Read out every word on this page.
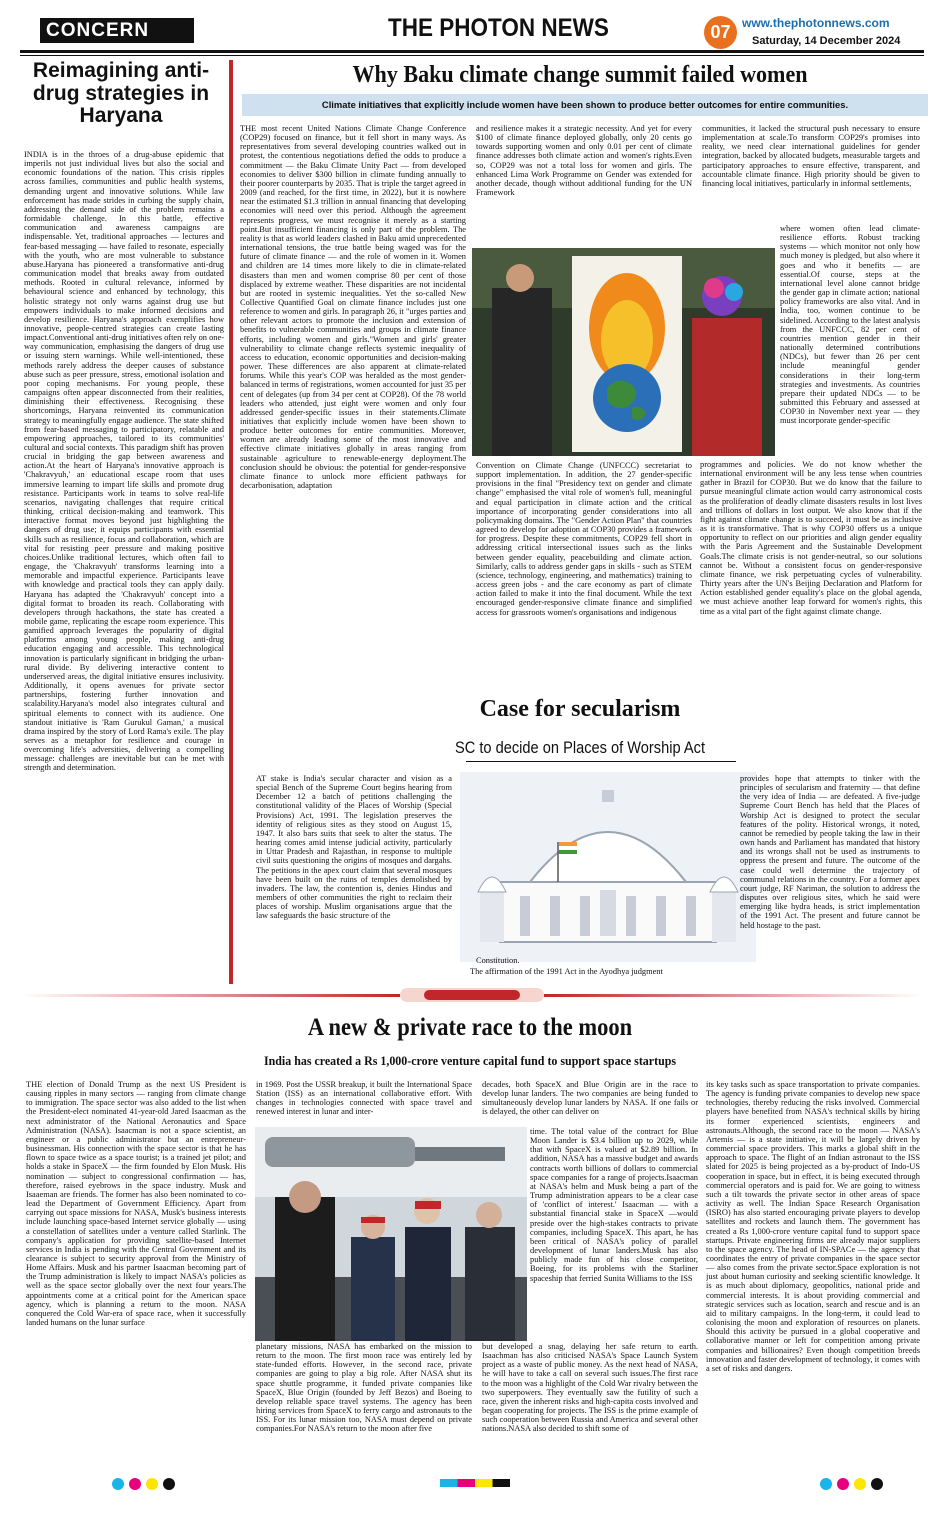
CONCERN	THE PHOTON NEWS	07 www.thephotonnews.com
Saturday, 14 December 2024
Reimagining anti-drug strategies in Haryana
INDIA is in the throes of a drug-abuse epidemic that imperils not just individual lives but also the social and economic foundations of the nation. This crisis ripples across families, communities and public health systems, demanding urgent and innovative solutions. While law enforcement has made strides in curbing the supply chain, addressing the demand side of the problem remains a formidable challenge. In this battle, effective communication and awareness campaigns are indispensable. Yet, traditional approaches — lectures and fear-based messaging — have failed to resonate, especially with the youth, who are most vulnerable to substance abuse.Haryana has pioneered a transformative anti-drug communication model that breaks away from outdated methods. Rooted in cultural relevance, informed by behavioural science and enhanced by technology, this holistic strategy not only warns against drug use but empowers individuals to make informed decisions and develop resilience. Haryana's approach exemplifies how innovative, people-centred strategies can create lasting impact.Conventional anti-drug initiatives often rely on one-way communication, emphasising the dangers of drug use or issuing stern warnings. While well-intentioned, these methods rarely address the deeper causes of substance abuse such as peer pressure, stress, emotional isolation and poor coping mechanisms. For young people, these campaigns often appear disconnected from their realities, diminishing their effectiveness. Recognising these shortcomings, Haryana reinvented its communication strategy to meaningfully engage audience. The state shifted from fear-based messaging to participatory, relatable and empowering approaches, tailored to its communities' cultural and social contexts. This paradigm shift has proven crucial in bridging the gap between awareness and action.At the heart of Haryana's innovative approach is 'Chakravyuh,' an educational escape room that uses immersive learning to impart life skills and promote drug resistance. Participants work in teams to solve real-life scenarios, navigating challenges that require critical thinking, critical decision-making and teamwork. This interactive format moves beyond just highlighting the dangers of drug use; it equips participants with essential skills such as resilience, focus and collaboration, which are vital for resisting peer pressure and making positive choices.Unlike traditional lectures, which often fail to engage, the 'Chakravyuh' transforms learning into a memorable and impactful experience. Participants leave with knowledge and practical tools they can apply daily. Haryana has adapted the 'Chakravyuh' concept into a digital format to broaden its reach. Collaborating with developers through hackathons, the state has created a mobile game, replicating the escape room experience. This gamified approach leverages the popularity of digital platforms among young people, making anti-drug education engaging and accessible. This technological innovation is particularly significant in bridging the urban-rural divide. By delivering interactive content to underserved areas, the digital initiative ensures inclusivity. Additionally, it opens avenues for private sector partnerships, fostering further innovation and scalability.Haryana's model also integrates cultural and spiritual elements to connect with its audience. One standout initiative is 'Ram Gurukul Gaman,' a musical drama inspired by the story of Lord Rama's exile. The play serves as a metaphor for resilience and courage in overcoming life's adversities, delivering a compelling message: challenges are inevitable but can be met with strength and determination.
Why Baku climate change summit failed women
Climate initiatives that explicitly include women have been shown to produce better outcomes for entire communities.
THE most recent United Nations Climate Change Conference (COP29) focused on finance, but it fell short in many ways. As representatives from several developing countries walked out in protest, the contentious negotiations defied the odds to produce a commitment — the Baku Climate Unity Pact — from developed economies to deliver $300 billion in climate funding annually to their poorer counterparts by 2035. That is triple the target agreed in 2009 (and reached, for the first time, in 2022), but it is nowhere near the estimated $1.3 trillion in annual financing that developing economies will need over this period. Although the agreement represents progress, we must recognise it merely as a starting point.But insufficient financing is only part of the problem. The reality is that as world leaders clashed in Baku amid unprecedented international tensions, the true battle being waged was for the future of climate finance — and the role of women in it. Women and children are 14 times more likely to die in climate-related disasters than men and women comprise 80 per cent of those displaced by extreme weather. These disparities are not incidental but are rooted in systemic inequalities. Yet the so-called New Collective Quantified Goal on climate finance includes just one reference to women and girls. In paragraph 26, it "urges parties and other relevant actors to promote the inclusion and extension of benefits to vulnerable communities and groups in climate finance efforts, including women and girls."Women and girls' greater vulnerability to climate change reflects systemic inequality of access to education, economic opportunities and decision-making power. These differences are also apparent at climate-related forums. While this year's COP was heralded as the most gender-balanced in terms of registrations, women accounted for just 35 per cent of delegates (up from 34 per cent at COP28). Of the 78 world leaders who attended, just eight were women and only four addressed gender-specific issues in their statements.Climate initiatives that explicitly include women have been shown to produce better outcomes for entire communities. Moreover, women are already leading some of the most innovative and effective climate initiatives globally in areas ranging from sustainable agriculture to renewable-energy deployment.The conclusion should be obvious: the potential for gender-responsive climate finance to unlock more efficient pathways for decarbonisation, adaptation
and resilience makes it a strategic necessity. And yet for every $100 of climate finance deployed globally, only 20 cents go towards supporting women and only 0.01 per cent of climate finance addresses both climate action and women's rights.Even so, COP29 was not a total loss for women and girls. The enhanced Lima Work Programme on Gender was extended for another decade, though without additional funding for the UN Framework
communities, it lacked the structural push necessary to ensure implementation at scale.To transform COP29's promises into reality, we need clear international guidelines for gender integration, backed by allocated budgets, measurable targets and participatory approaches to ensure effective, transparent, and accountable climate finance. High priority should be given to financing local initiatives, particularly in informal settlements,
where women often lead climate-resilience efforts. Robust tracking systems — which monitor not only how much money is pledged, but also where it goes and who it benefits — are essential.Of course, steps at the international level alone cannot bridge the gender gap in climate action; national policy frameworks are also vital. And in India, too, women continue to be sidelined. According to the latest analysis from the UNFCCC, 82 per cent of countries mention gender in their nationally determined contributions (NDCs), but fewer than 26 per cent include meaningful gender considerations in their long-term strategies and investments. As countries prepare their updated NDCs — to be submitted this February and assessed at COP30 in November next year — they must incorporate gender-specific
Convention on Climate Change (UNFCCC) secretariat to support implementation. In addition, the 27 gender-specific provisions in the final "Presidency text on gender and climate change" emphasised the vital role of women's full, meaningful and equal participation in climate action and the critical importance of incorporating gender considerations into all policymaking domains. The "Gender Action Plan" that countries agreed to develop for adoption at COP30 provides a framework for progress. Despite these commitments, COP29 fell short in addressing critical intersectional issues such as the links between gender equality, peacebuilding and climate action. Similarly, calls to address gender gaps in skills - such as STEM (science, technology, engineering, and mathematics) training to access green jobs - and the care economy as part of climate action failed to make it into the final document. While the text encouraged gender-responsive climate finance and simplified access for grassroots women's organisations and indigenous
programmes and policies. We do not know whether the international environment will be any less tense when countries gather in Brazil for COP30. But we do know that the failure to pursue meaningful climate action would carry astronomical costs as the proliferation of deadly climate disasters results in lost lives and trillions of dollars in lost output. We also know that if the fight against climate change is to succeed, it must be as inclusive as it is transformative. That is why COP30 offers us a unique opportunity to reflect on our priorities and align gender equality with the Paris Agreement and the Sustainable Development Goals.The climate crisis is not gender-neutral, so our solutions cannot be. Without a consistent focus on gender-responsive climate finance, we risk perpetuating cycles of vulnerability. Thirty years after the UN's Beijing Declaration and Platform for Action established gender equality's place on the global agenda, we must achieve another leap forward for women's rights, this time as a vital part of the fight against climate change.
Case for secularism
SC to decide on Places of Worship Act
AT stake is India's secular character and vision as a special Bench of the Supreme Court begins hearing from December 12 a batch of petitions challenging the constitutional validity of the Places of Worship (Special Provisions) Act, 1991. The legislation preserves the identity of religious sites as they stood on August 15, 1947. It also bars suits that seek to alter the status. The hearing comes amid intense judicial activity, particularly in Uttar Pradesh and Rajasthan, in response to multiple civil suits questioning the origins of mosques and dargahs. The petitions in the apex court claim that several mosques have been built on the ruins of temples demolished by invaders. The law, the contention is, denies Hindus and members of other communities the right to reclaim their places of worship. Muslim organisations argue that the law safeguards the basic structure of the
Constitution.
The affirmation of the 1991 Act in the Ayodhya judgment
provides hope that attempts to tinker with the principles of secularism and fraternity — that define the very idea of India — are defeated. A five-judge Supreme Court Bench has held that the Places of Worship Act is designed to protect the secular features of the polity. Historical wrongs, it noted, cannot be remedied by people taking the law in their own hands and Parliament has mandated that history and its wrongs shall not be used as instruments to oppress the present and future. The outcome of the case could well determine the trajectory of communal relations in the country. For a former apex court judge, RF Nariman, the solution to address the disputes over religious sites, which he said were emerging like hydra heads, is strict implementation of the 1991 Act. The present and future cannot be held hostage to the past.
A new & private race to the moon
India has created a Rs 1,000-crore venture capital fund to support space startups
THE election of Donald Trump as the next US President is causing ripples in many sectors — ranging from climate change to immigration. The space sector was also added to the list when the President-elect nominated 41-year-old Jared Isaacman as the next administrator of the National Aeronautics and Space Administration (NASA). Isaacman is not a space scientist, an engineer or a public administrator but an entrepreneur-businessman. His connection with the space sector is that he has flown to space twice as a space tourist; is a trained jet pilot; and holds a stake in SpaceX — the firm founded by Elon Musk. His nomination — subject to congressional confirmation — has, therefore, raised eyebrows in the space industry. Musk and Isaaeman are friends. The former has also been nominated to co-lead the Department of Government Efficiency. Apart from carrying out space missions for NASA, Musk's business interests include launching space-based Internet service globally — using a constellation of satellites under a venture called Starlink. The company's application for providing satellite-based Internet services in India is pending with the Central Government and its clearance is subject to security approval from the Ministry of Home Affairs. Musk and his partner Isaacman becoming part of the Trump administration is likely to impact NASA's policies as well as the space sector globally over the next four years.The appointments come at a critical point for the American space agency, which is planning a return to the moon. NASA conquered the Cold War-era of space race, when it successfully landed humans on the lunar surface
in 1969. Post the USSR breakup, it built the International Space Station (ISS) as an international collaborative effort. With changes in technologies connected with space travel and renewed interest in lunar and inter-
planetary missions, NASA has embarked on the mission to return to the moon. The first moon race was entirely led by state-funded efforts. However, in the second race, private companies are going to play a big role. After NASA shut its space shuttle programme, it funded private companies like SpaceX, Blue Origin (founded by Jeff Bezos) and Boeing to develop reliable space travel systems. The agency has been hiring services from SpaceX to ferry cargo and astronauts to the ISS. For its lunar mission too, NASA must depend on private companies.For NASA's return to the moon after five
decades, both SpaceX and Blue Origin are in the race to develop lunar landers. The two companies are being funded to simultaneously develop lunar landers by NASA. If one fails or is delayed, the other can deliver on
time. The total value of the contract for Blue Moon Lander is $3.4 billion up to 2029, while that with SpaceX is valued at $2.89 billion. In addition, NASA has a massive budget and awards contracts worth billions of dollars to commercial space companies for a range of projects.Isaacman at NASA's helm and Musk being a part of the Trump administration appears to be a clear case of 'conflict of interest.' Isaacman — with a substantial financial stake in SpaceX —would preside over the high-stakes contracts to private companies, including SpaceX. This apart, he has been critical of NASA's policy of parallel development of lunar landers.Musk has also publicly made fun of his close competitor, Boeing, for its problems with the Starliner spaceship that ferried Sunita Williams to the ISS
but developed a snag, delaying her safe return to earth. Isaachman has also criticised NASA's Space Launch System project as a waste of public money. As the next head of NASA, he will have to take a call on several such issues.The first race to the moon was a highlight of the Cold War rivalry between the two superpowers. They eventually saw the futility of such a race, given the inherent risks and high-capita costs involved and began cooperating for projects. The ISS is the prime example of such cooperation between Russia and America and several other nations.NASA also decided to shift some of
its key tasks such as space transportation to private companies. The agency is funding private companies to develop new space technologies, thereby reducing the risks involved. Commercial players have benefited from NASA's technical skills by hiring its former experienced scientists, engineers and astronauts.Although, the second race to the moon — NASA's Artemis — is a state initiative, it will be largely driven by commercial space providers. This marks a global shift in the approach to space. The flight of an Indian astronaut to the ISS slated for 2025 is being projected as a by-product of Indo-US cooperation in space, but in effect, it is being executed through commercial operators and is paid for. We are going to witness such a tilt towards the private sector in other areas of space activity as well. The Indian Space Research Organisation (ISRO) has also started encouraging private players to develop satellites and rockets and launch them. The government has created a Rs 1,000-crore venture capital fund to support space startups. Private engineering firms are already major suppliers to the space agency. The head of IN-SPACe — the agency that coordinates the entry of private companies in the space sector — also comes from the private sector.Space exploration is not just about human curiosity and seeking scientific knowledge. It is as much about diplomacy, geopolitics, national pride and commercial interests. It is about providing commercial and strategic services such as location, search and rescue and is an aid to military campaigns. In the long-term, it could lead to colonising the moon and exploration of resources on planets. Should this activity be pursued in a global cooperative and collaborative manner or left for competition among private companies and billionaires? Even though competition breeds innovation and faster development of technology, it comes with a set of risks and dangers.
